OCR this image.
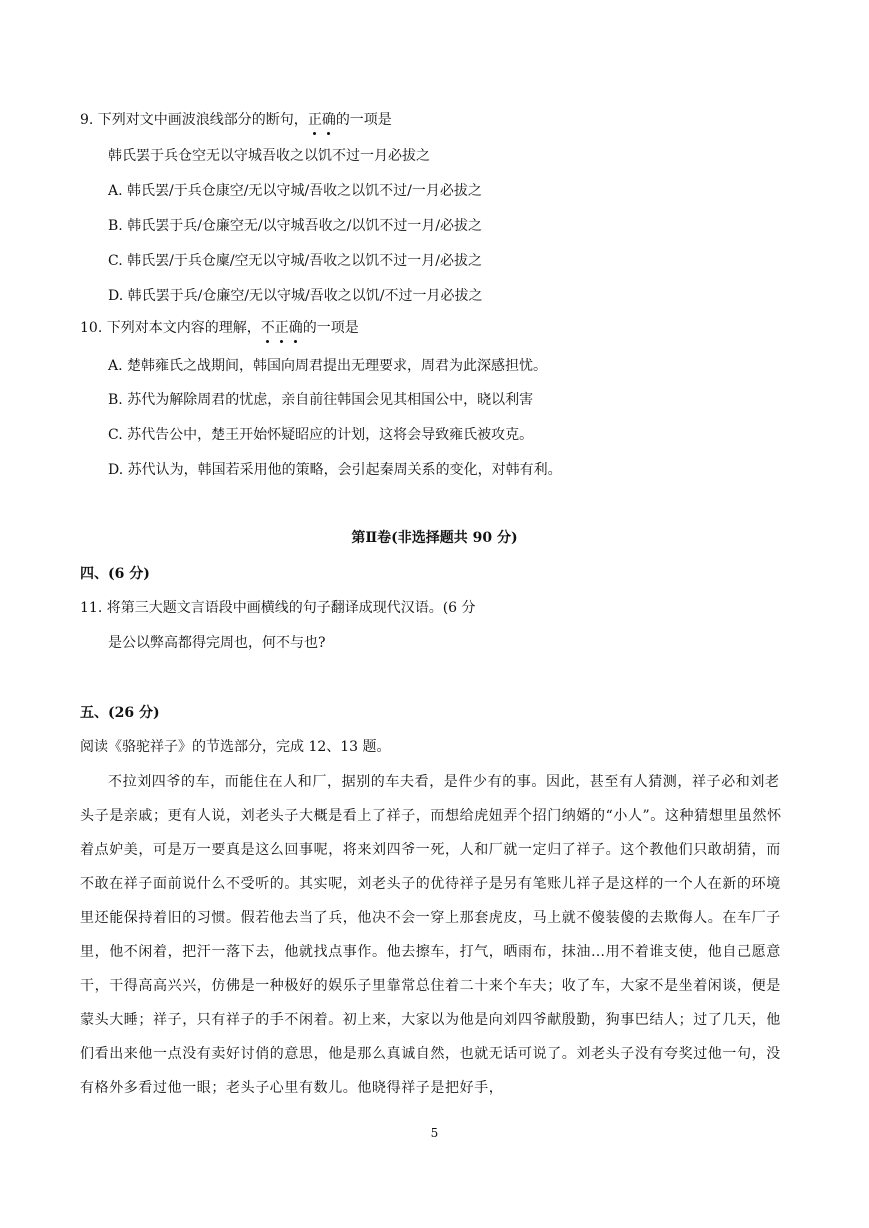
9. 下列对文中画波浪线部分的断句，正确的一项是
韩氏罢于兵仓空无以守城吾收之以饥不过一月必拔之
A. 韩氏罢/于兵仓康空/无以守城/吾收之以饥不过/一月必拔之
B. 韩氏罢于兵/仓廉空无/以守城吾收之/以饥不过一月/必拔之
C. 韩氏罢/于兵仓廩/空无以守城/吾收之以饥不过一月/必拔之
D. 韩氏罢于兵/仓廉空/无以守城/吾收之以饥/不过一月必拔之
10. 下列对本文内容的理解，不正确的一项是
A. 楚韩雍氏之战期间，韩国向周君提出无理要求，周君为此深感担忧。
B. 苏代为解除周君的忧虑，亲自前往韩国会见其相国公中，晓以利害
C. 苏代告公中，楚王开始怀疑昭应的计划，这将会导致雍氏被攻克。
D. 苏代认为，韩国若采用他的策略，会引起秦周关系的变化，对韩有利。
第Ⅱ卷(非选择题共 90 分)
四、(6 分)
11. 将第三大题文言语段中画横线的句子翻译成现代汉语。(6 分
是公以弊高都得完周也，何不与也?
五、(26 分)
阅读《骆驼祥子》的节选部分，完成 12、13 题。
不拉刘四爷的车，而能住在人和厂，据别的车夫看，是件少有的事。因此，甚至有人猜测，祥子必和刘老头子是亲戚；更有人说，刘老头子大概是看上了祥子，而想给虎妞弄个招门纳婿的“小人”。这种猜想里虽然怀着点妒美，可是万一要真是这么回事呢，将来刘四爷一死，人和厂就一定归了祥子。这个教他们只敢胡猜，而不敢在祥子面前说什么不受听的。其实呢，刘老头子的优待祥子是另有笔账儿祥子是这样的一个人在新的环境里还能保持着旧的习惯。假若他去当了兵，他决不会一穿上那套虎皮，马上就不傻装傻的去欺侮人。在车厂子里，他不闲着，把汗一落下去，他就找点事作。他去擦车，打气，晒雨布，抹油…用不着谁支使，他自己愿意干，干得高高兴兴，仿佛是一种极好的娱乐子里靠常总住着二十来个车夫；收了车，大家不是坐着闲谈，便是蒙头大睡；祥子，只有祥子的手不闲着。初上来，大家以为他是向刘四爷献殷勤，狗事巴结人；过了几天，他们看出来他一点没有卖好讨俏的意思，他是那么真诚自然，也就无话可说了。刘老头子没有夸奖过他一句，没有格外多看过他一眼；老头子心里有数儿。他晓得祥子是把好手，
5
